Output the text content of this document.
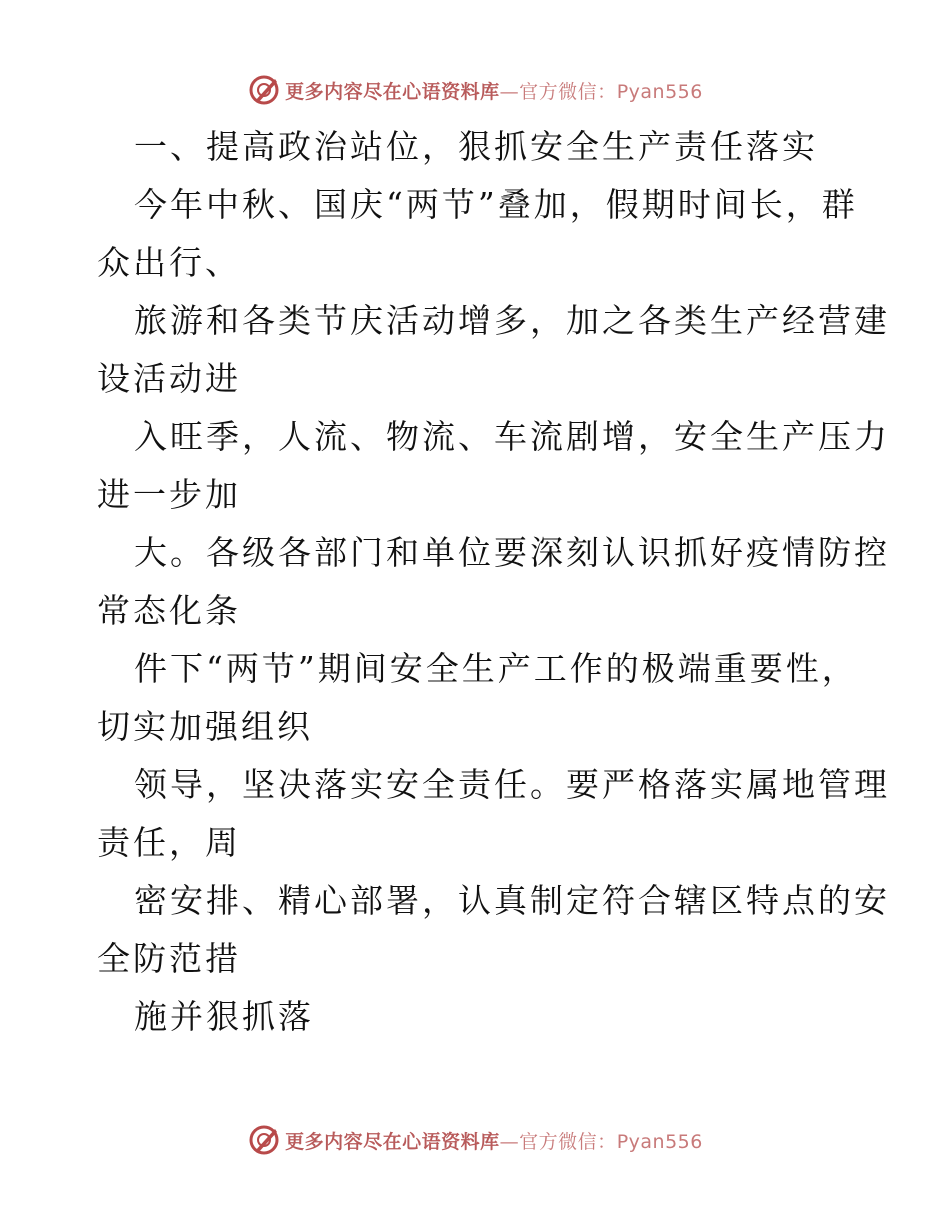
更多内容尽在心语资料库—官方微信：Pyan556
一、提高政治站位，狠抓安全生产责任落实
今年中秋、国庆“两节”叠加，假期时间长，群
众出行、
旅游和各类节庆活动增多，加之各类生产经营建
设活动进
入旺季，人流、物流、车流剧增，安全生产压力
进一步加
大。各级各部门和单位要深刻认识抓好疫情防控
常态化条
件下“两节”期间安全生产工作的极端重要性，
切实加强组织
领导，坚决落实安全责任。要严格落实属地管理
责任，周
密安排、精心部署，认真制定符合辖区特点的安
全防范措
施并狠抓落
更多内容尽在心语资料库—官方微信：Pyan556
